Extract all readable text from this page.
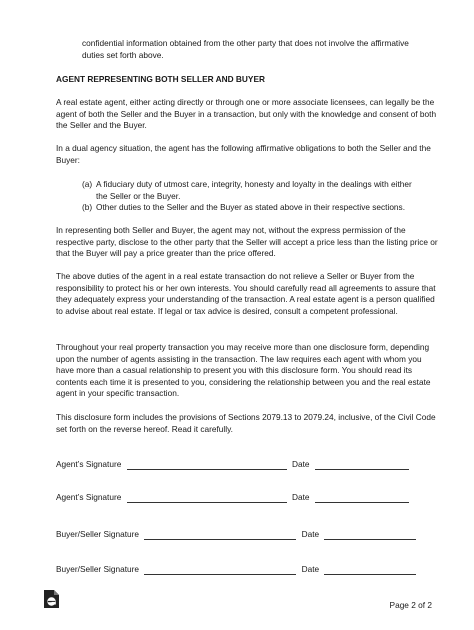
confidential information obtained from the other party that does not involve the affirmative duties set forth above.

AGENT REPRESENTING BOTH SELLER AND BUYER

A real estate agent, either acting directly or through one or more associate licensees, can legally be the agent of both the Seller and the Buyer in a transaction, but only with the knowledge and consent of both the Seller and the Buyer.

In a dual agency situation, the agent has the following affirmative obligations to both the Seller and the Buyer:

(a) A fiduciary duty of utmost care, integrity, honesty and loyalty in the dealings with either the Seller or the Buyer.
(b) Other duties to the Seller and the Buyer as stated above in their respective sections.

In representing both Seller and Buyer, the agent may not, without the express permission of the respective party, disclose to the other party that the Seller will accept a price less than the listing price or that the Buyer will pay a price greater than the price offered.

The above duties of the agent in a real estate transaction do not relieve a Seller or Buyer from the responsibility to protect his or her own interests. You should carefully read all agreements to assure that they adequately express your understanding of the transaction. A real estate agent is a person qualified to advise about real estate. If legal or tax advice is desired, consult a competent professional.

Throughout your real property transaction you may receive more than one disclosure form, depending upon the number of agents assisting in the transaction. The law requires each agent with whom you have more than a casual relationship to present you with this disclosure form. You should read its contents each time it is presented to you, considering the relationship between you and the real estate agent in your specific transaction.

This disclosure form includes the provisions of Sections 2079.13 to 2079.24, inclusive, of the Civil Code set forth on the reverse hereof. Read it carefully.

Agent’s Signature	Date
Agent’s Signature	Date
Buyer/Seller Signature	Date
Buyer/Seller Signature	Date
Page 2 of 2
